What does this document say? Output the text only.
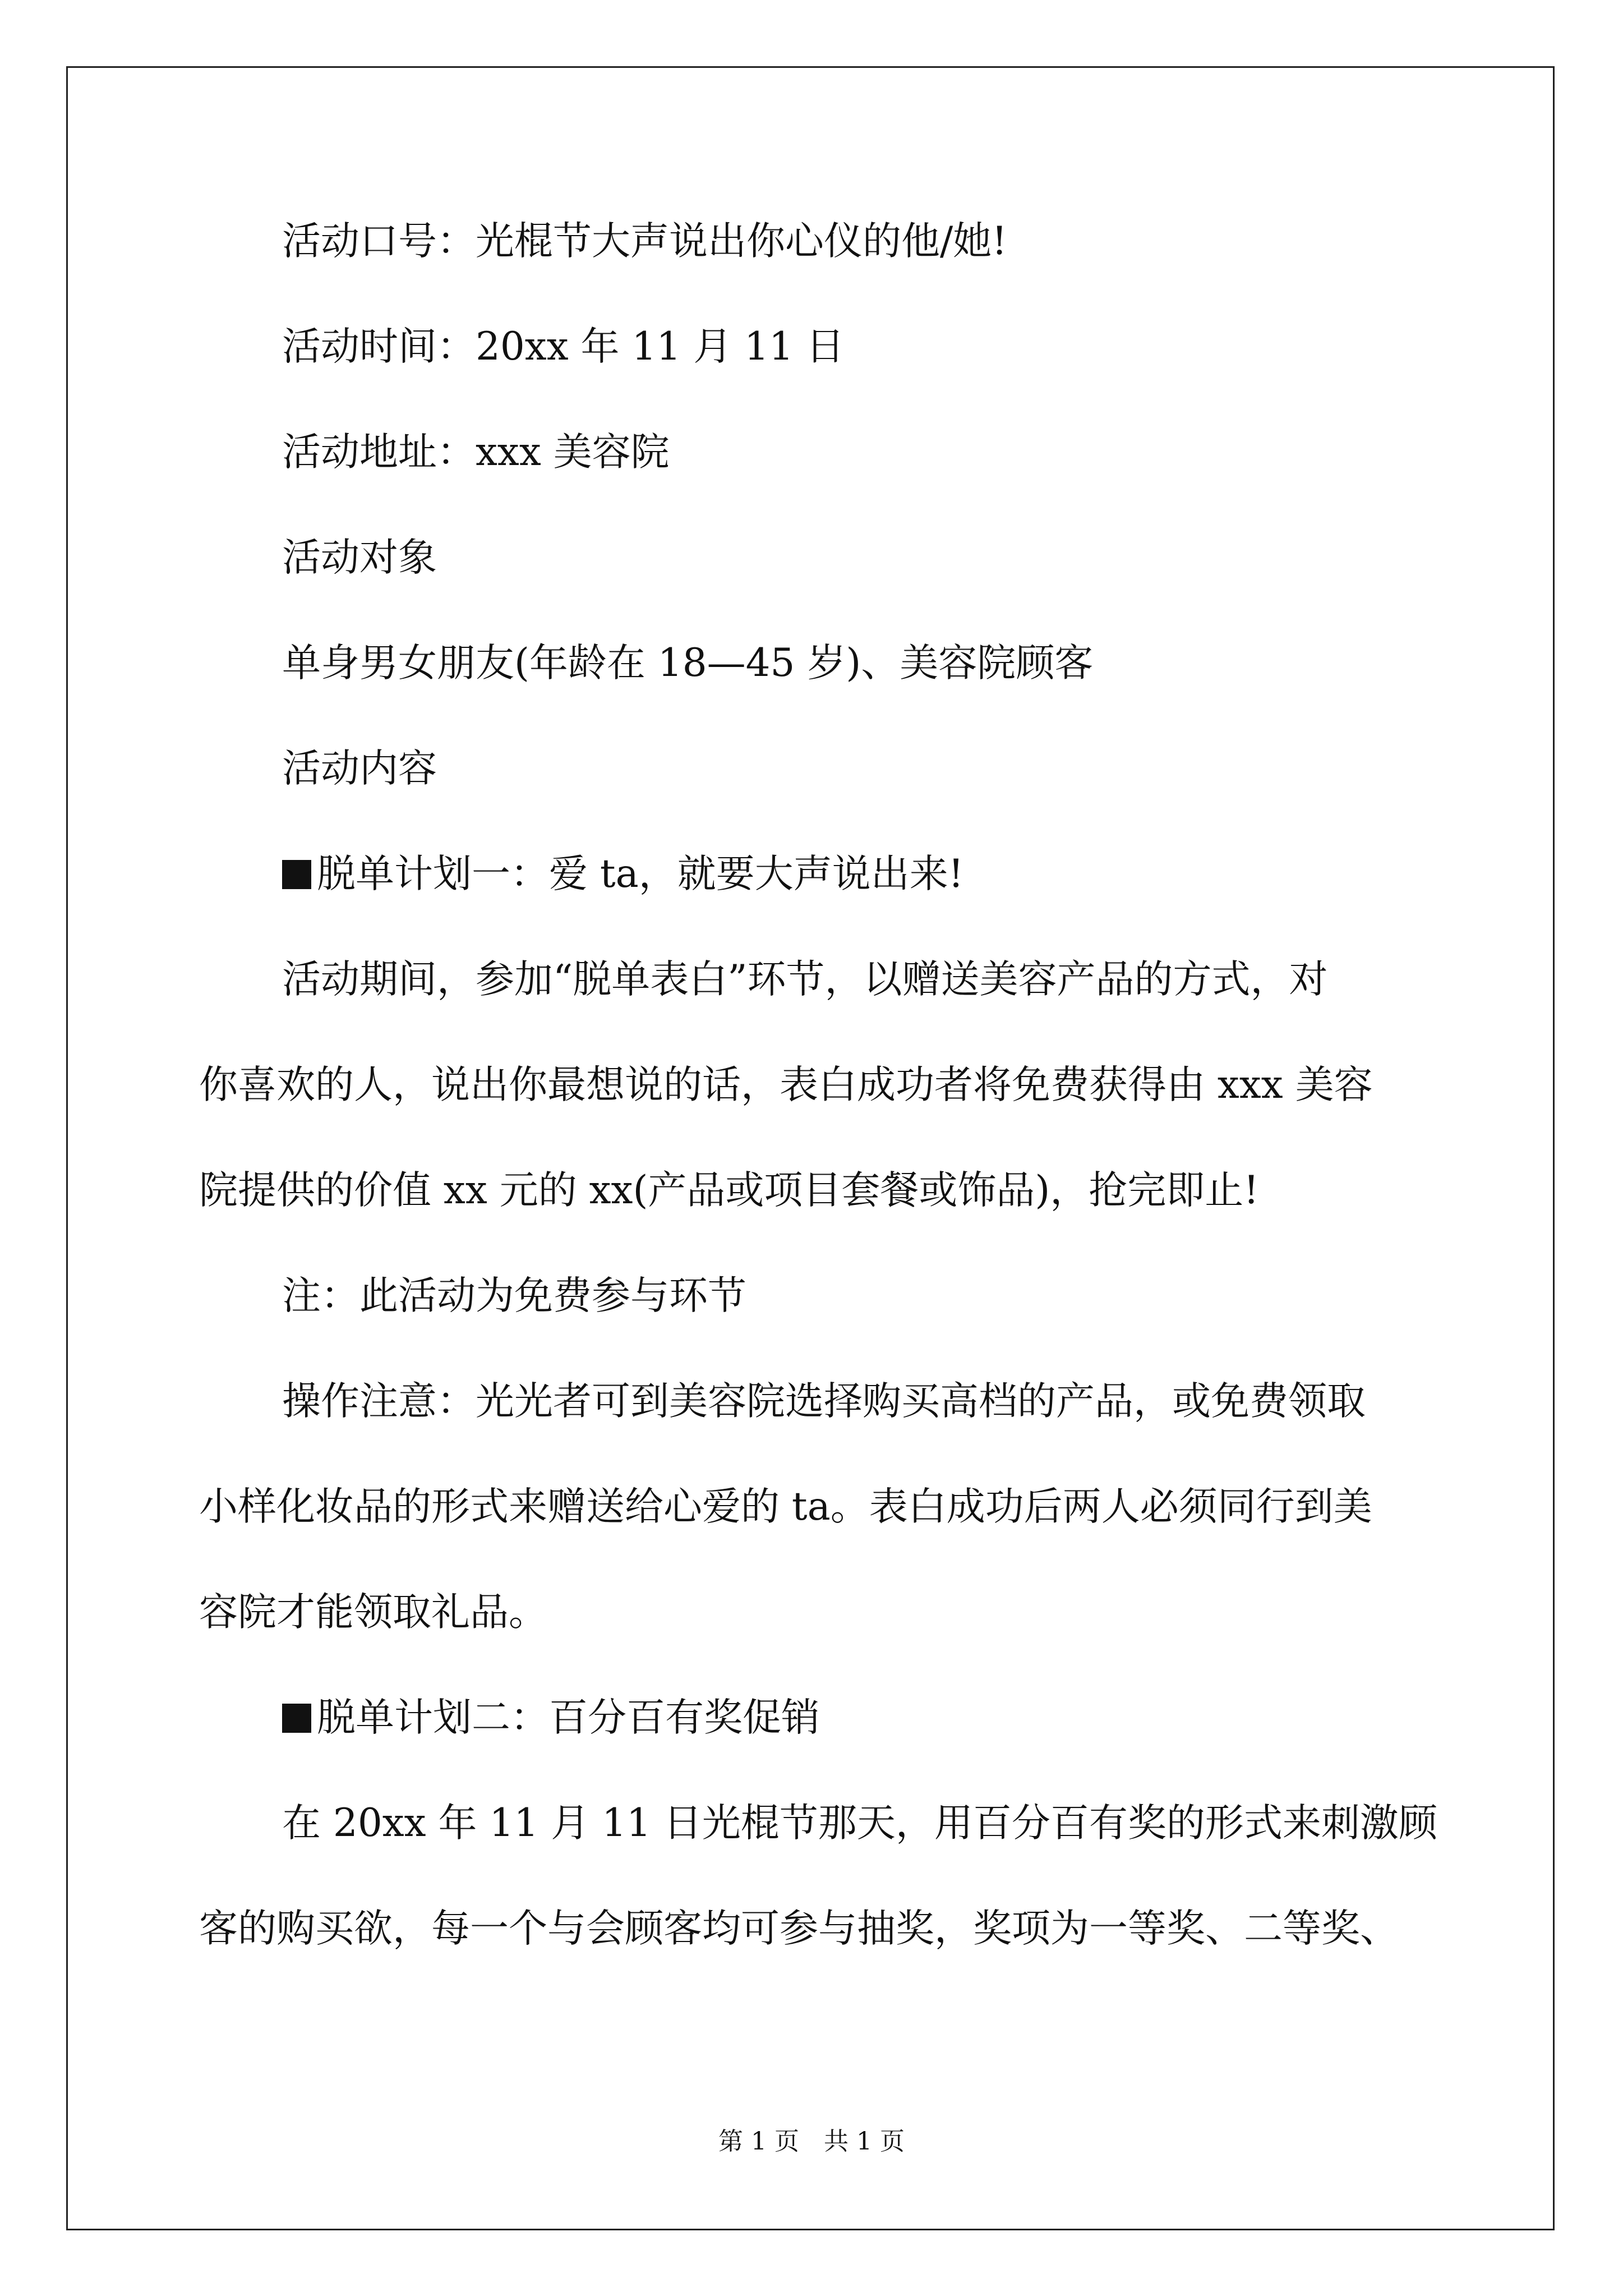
活动口号：光棍节大声说出你心仪的他/她!

活动时间：20xx 年 11 月 11 日

活动地址：xxx 美容院

活动对象

单身男女朋友(年龄在 18—45 岁)、美容院顾客

活动内容

脱单计划一：爱 ta，就要大声说出来!

活动期间，参加“脱单表白”环节，以赠送美容产品的方式，对

你喜欢的人，说出你最想说的话，表白成功者将免费获得由 xxx 美容

院提供的价值 xx 元的 xx(产品或项目套餐或饰品)，抢完即止!

注：此活动为免费参与环节

操作注意：光光者可到美容院选择购买高档的产品，或免费领取

小样化妆品的形式来赠送给心爱的 ta。表白成功后两人必须同行到美

容院才能领取礼品。

脱单计划二：百分百有奖促销

在 20xx 年 11 月 11 日光棍节那天，用百分百有奖的形式来刺激顾

客的购买欲，每一个与会顾客均可参与抽奖，奖项为一等奖、二等奖、

第 1 页　共 1 页
